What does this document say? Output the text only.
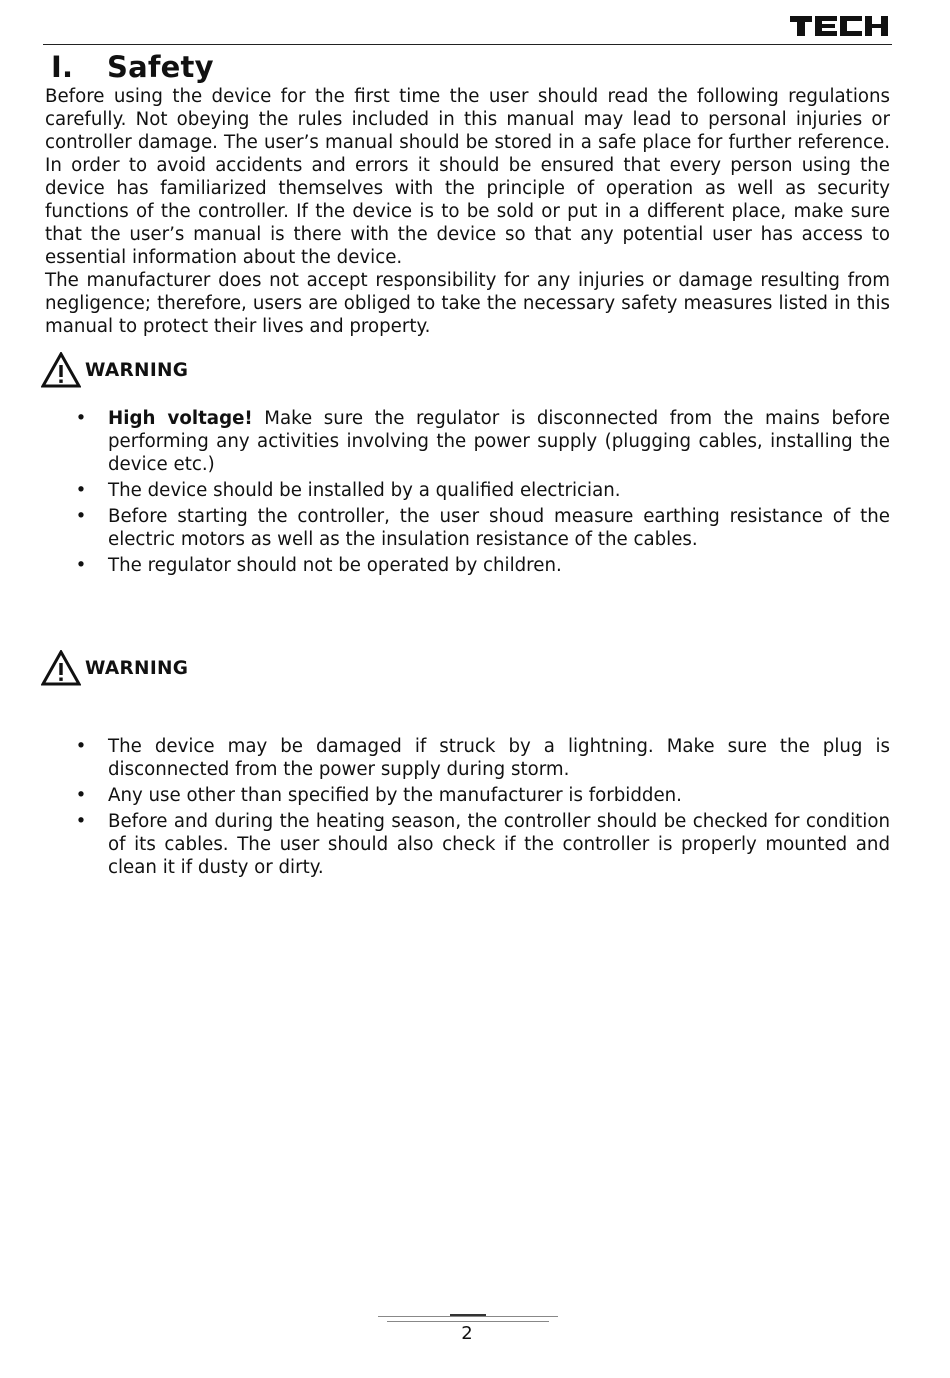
I. Safety

Before using the device for the first time the user should read the following regulations carefully. Not obeying the rules included in this manual may lead to personal injuries or controller damage. The user’s manual should be stored in a safe place for further reference. In order to avoid accidents and errors it should be ensured that every person using the device has familiarized themselves with the principle of operation as well as security functions of the controller. If the device is to be sold or put in a different place, make sure that the user’s manual is there with the device so that any potential user has access to essential information about the device.

The manufacturer does not accept responsibility for any injuries or damage resulting from negligence; therefore, users are obliged to take the necessary safety measures listed in this manual to protect their lives and property.

WARNING
• High voltage! Make sure the regulator is disconnected from the mains before performing any activities involving the power supply (plugging cables, installing the device etc.)
• The device should be installed by a qualified electrician.
• Before starting the controller, the user shoud measure earthing resistance of the electric motors as well as the insulation resistance of the cables.
• The regulator should not be operated by children.
WARNING
• The device may be damaged if struck by a lightning. Make sure the plug is disconnected from the power supply during storm.
• Any use other than specified by the manufacturer is forbidden.
• Before and during the heating season, the controller should be checked for condition of its cables. The user should also check if the controller is properly mounted and clean it if dusty or dirty.
2
